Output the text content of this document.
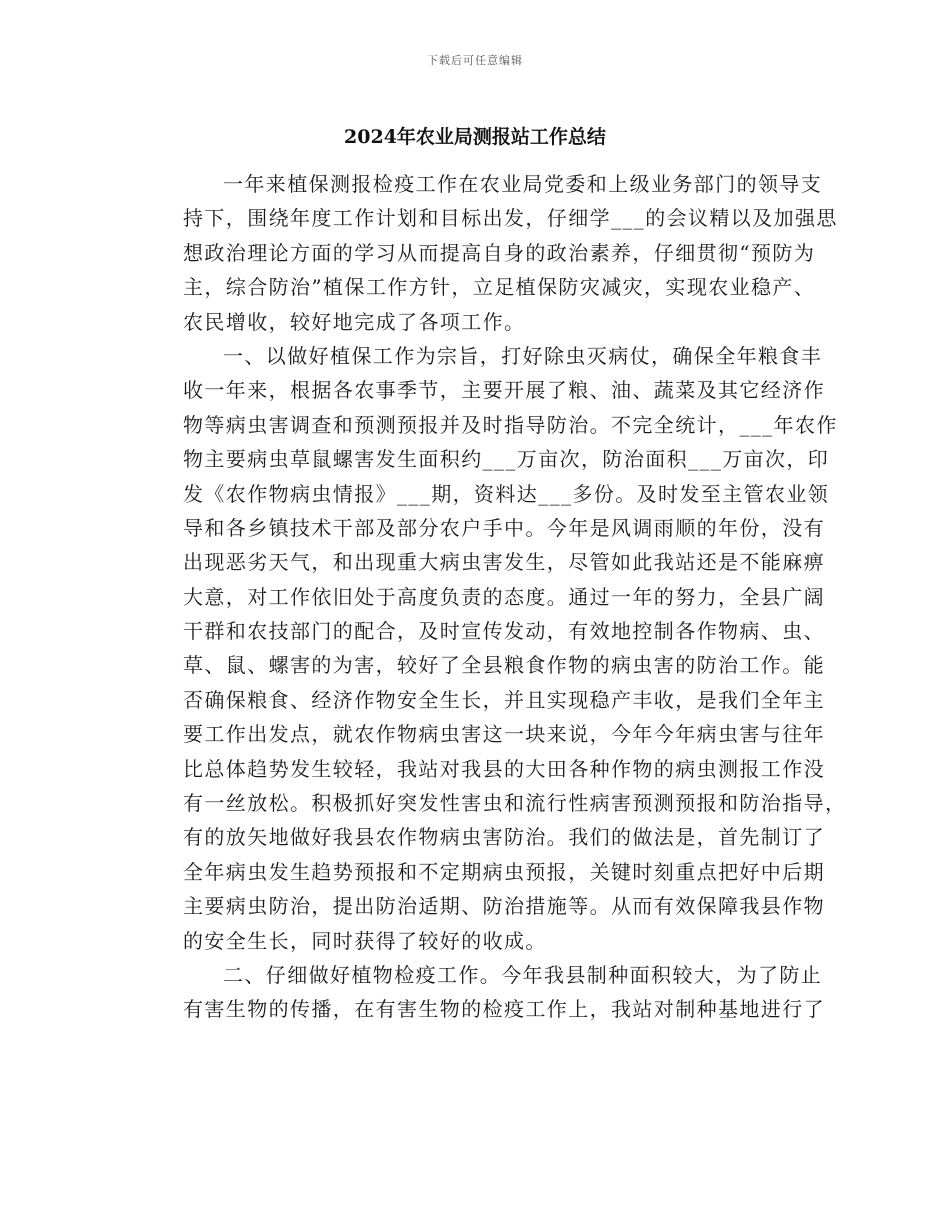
下载后可任意编辑
2024年农业局测报站工作总结
一年来植保测报检疫工作在农业局党委和上级业务部门的领导支
持下，围绕年度工作计划和目标出发，仔细学___的会议精以及加强思
想政治理论方面的学习从而提高自身的政治素养，仔细贯彻“预防为
主，综合防治”植保工作方针，立足植保防灾减灾，实现农业稳产、
农民增收，较好地完成了各项工作。
一、以做好植保工作为宗旨，打好除虫灭病仗，确保全年粮食丰
收一年来，根据各农事季节，主要开展了粮、油、蔬菜及其它经济作
物等病虫害调查和预测预报并及时指导防治。不完全统计，___年农作
物主要病虫草鼠螺害发生面积约___万亩次，防治面积___万亩次，印
发《农作物病虫情报》___期，资料达___多份。及时发至主管农业领
导和各乡镇技术干部及部分农户手中。今年是风调雨顺的年份，没有
出现恶劣天气，和出现重大病虫害发生，尽管如此我站还是不能麻痹
大意，对工作依旧处于高度负责的态度。通过一年的努力，全县广阔
干群和农技部门的配合，及时宣传发动，有效地控制各作物病、虫、
草、鼠、螺害的为害，较好了全县粮食作物的病虫害的防治工作。能
否确保粮食、经济作物安全生长，并且实现稳产丰收，是我们全年主
要工作出发点，就农作物病虫害这一块来说，今年今年病虫害与往年
比总体趋势发生较轻，我站对我县的大田各种作物的病虫测报工作没
有一丝放松。积极抓好突发性害虫和流行性病害预测预报和防治指导，
有的放矢地做好我县农作物病虫害防治。我们的做法是，首先制订了
全年病虫发生趋势预报和不定期病虫预报，关键时刻重点把好中后期
主要病虫防治，提出防治适期、防治措施等。从而有效保障我县作物
的安全生长，同时获得了较好的收成。
二、仔细做好植物检疫工作。今年我县制种面积较大，为了防止
有害生物的传播，在有害生物的检疫工作上，我站对制种基地进行了
